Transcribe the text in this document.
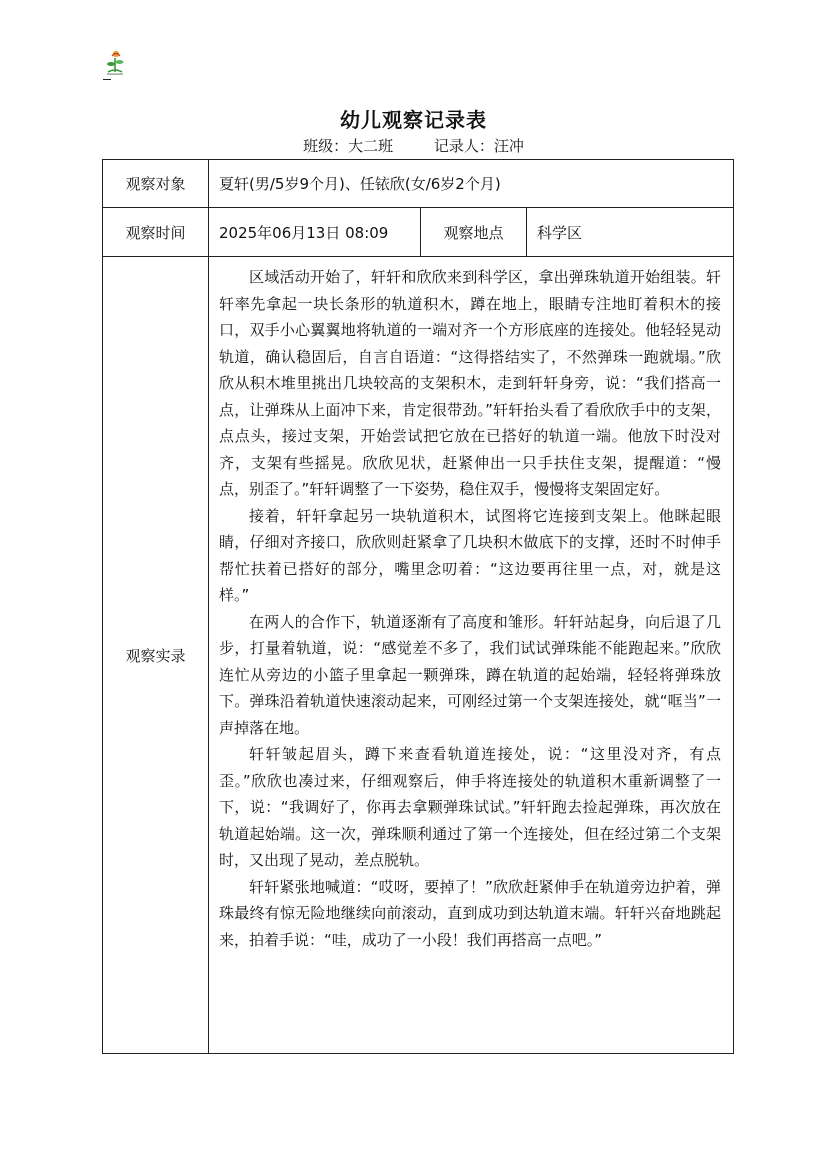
幼儿观察记录表
班级：大二班	记录人：汪冲
观察对象	夏轩(男/5岁9个月)、任铱欣(女/6岁2个月)		
观察时间	2025年06月13日 08:09	观察地点	科学区
观察实录	区域活动开始了，轩轩和欣欣来到科学区，拿出弹珠轨道开始组装。轩轩率先拿起一块长条形的轨道积木，蹲在地上，眼睛专注地盯着积木的接口，双手小心翼翼地将轨道的一端对齐一个方形底座的连接处。他轻轻晃动轨道，确认稳固后，自言自语道：“这得搭结实了，不然弹珠一跑就塌。”欣欣从积木堆里挑出几块较高的支架积木，走到轩轩身旁，说：“我们搭高一点，让弹珠从上面冲下来，肯定很带劲。”轩轩抬头看了看欣欣手中的支架，点点头，接过支架，开始尝试把它放在已搭好的轨道一端。他放下时没对齐，支架有些摇晃。欣欣见状，赶紧伸出一只手扶住支架，提醒道：“慢点，别歪了。”轩轩调整了一下姿势，稳住双手，慢慢将支架固定好。

接着，轩轩拿起另一块轨道积木，试图将它连接到支架上。他眯起眼睛，仔细对齐接口，欣欣则赶紧拿了几块积木做底下的支撑，还时不时伸手帮忙扶着已搭好的部分，嘴里念叨着：“这边要再往里一点，对，就是这样。”

在两人的合作下，轨道逐渐有了高度和雏形。轩轩站起身，向后退了几步，打量着轨道，说：“感觉差不多了，我们试试弹珠能不能跑起来。”欣欣连忙从旁边的小篮子里拿起一颗弹珠，蹲在轨道的起始端，轻轻将弹珠放下。弹珠沿着轨道快速滚动起来，可刚经过第一个支架连接处，就“哐当”一声掉落在地。

轩轩皱起眉头，蹲下来查看轨道连接处，说：“这里没对齐，有点歪。”欣欣也凑过来，仔细观察后，伸手将连接处的轨道积木重新调整了一下，说：“我调好了，你再去拿颗弹珠试试。”轩轩跑去捡起弹珠，再次放在轨道起始端。这一次，弹珠顺利通过了第一个连接处，但在经过第二个支架时，又出现了晃动，差点脱轨。

轩轩紧张地喊道：“哎呀，要掉了！”欣欣赶紧伸手在轨道旁边护着，弹珠最终有惊无险地继续向前滚动，直到成功到达轨道末端。轩轩兴奋地跳起来，拍着手说：“哇，成功了一小段！我们再搭高一点吧。”		
